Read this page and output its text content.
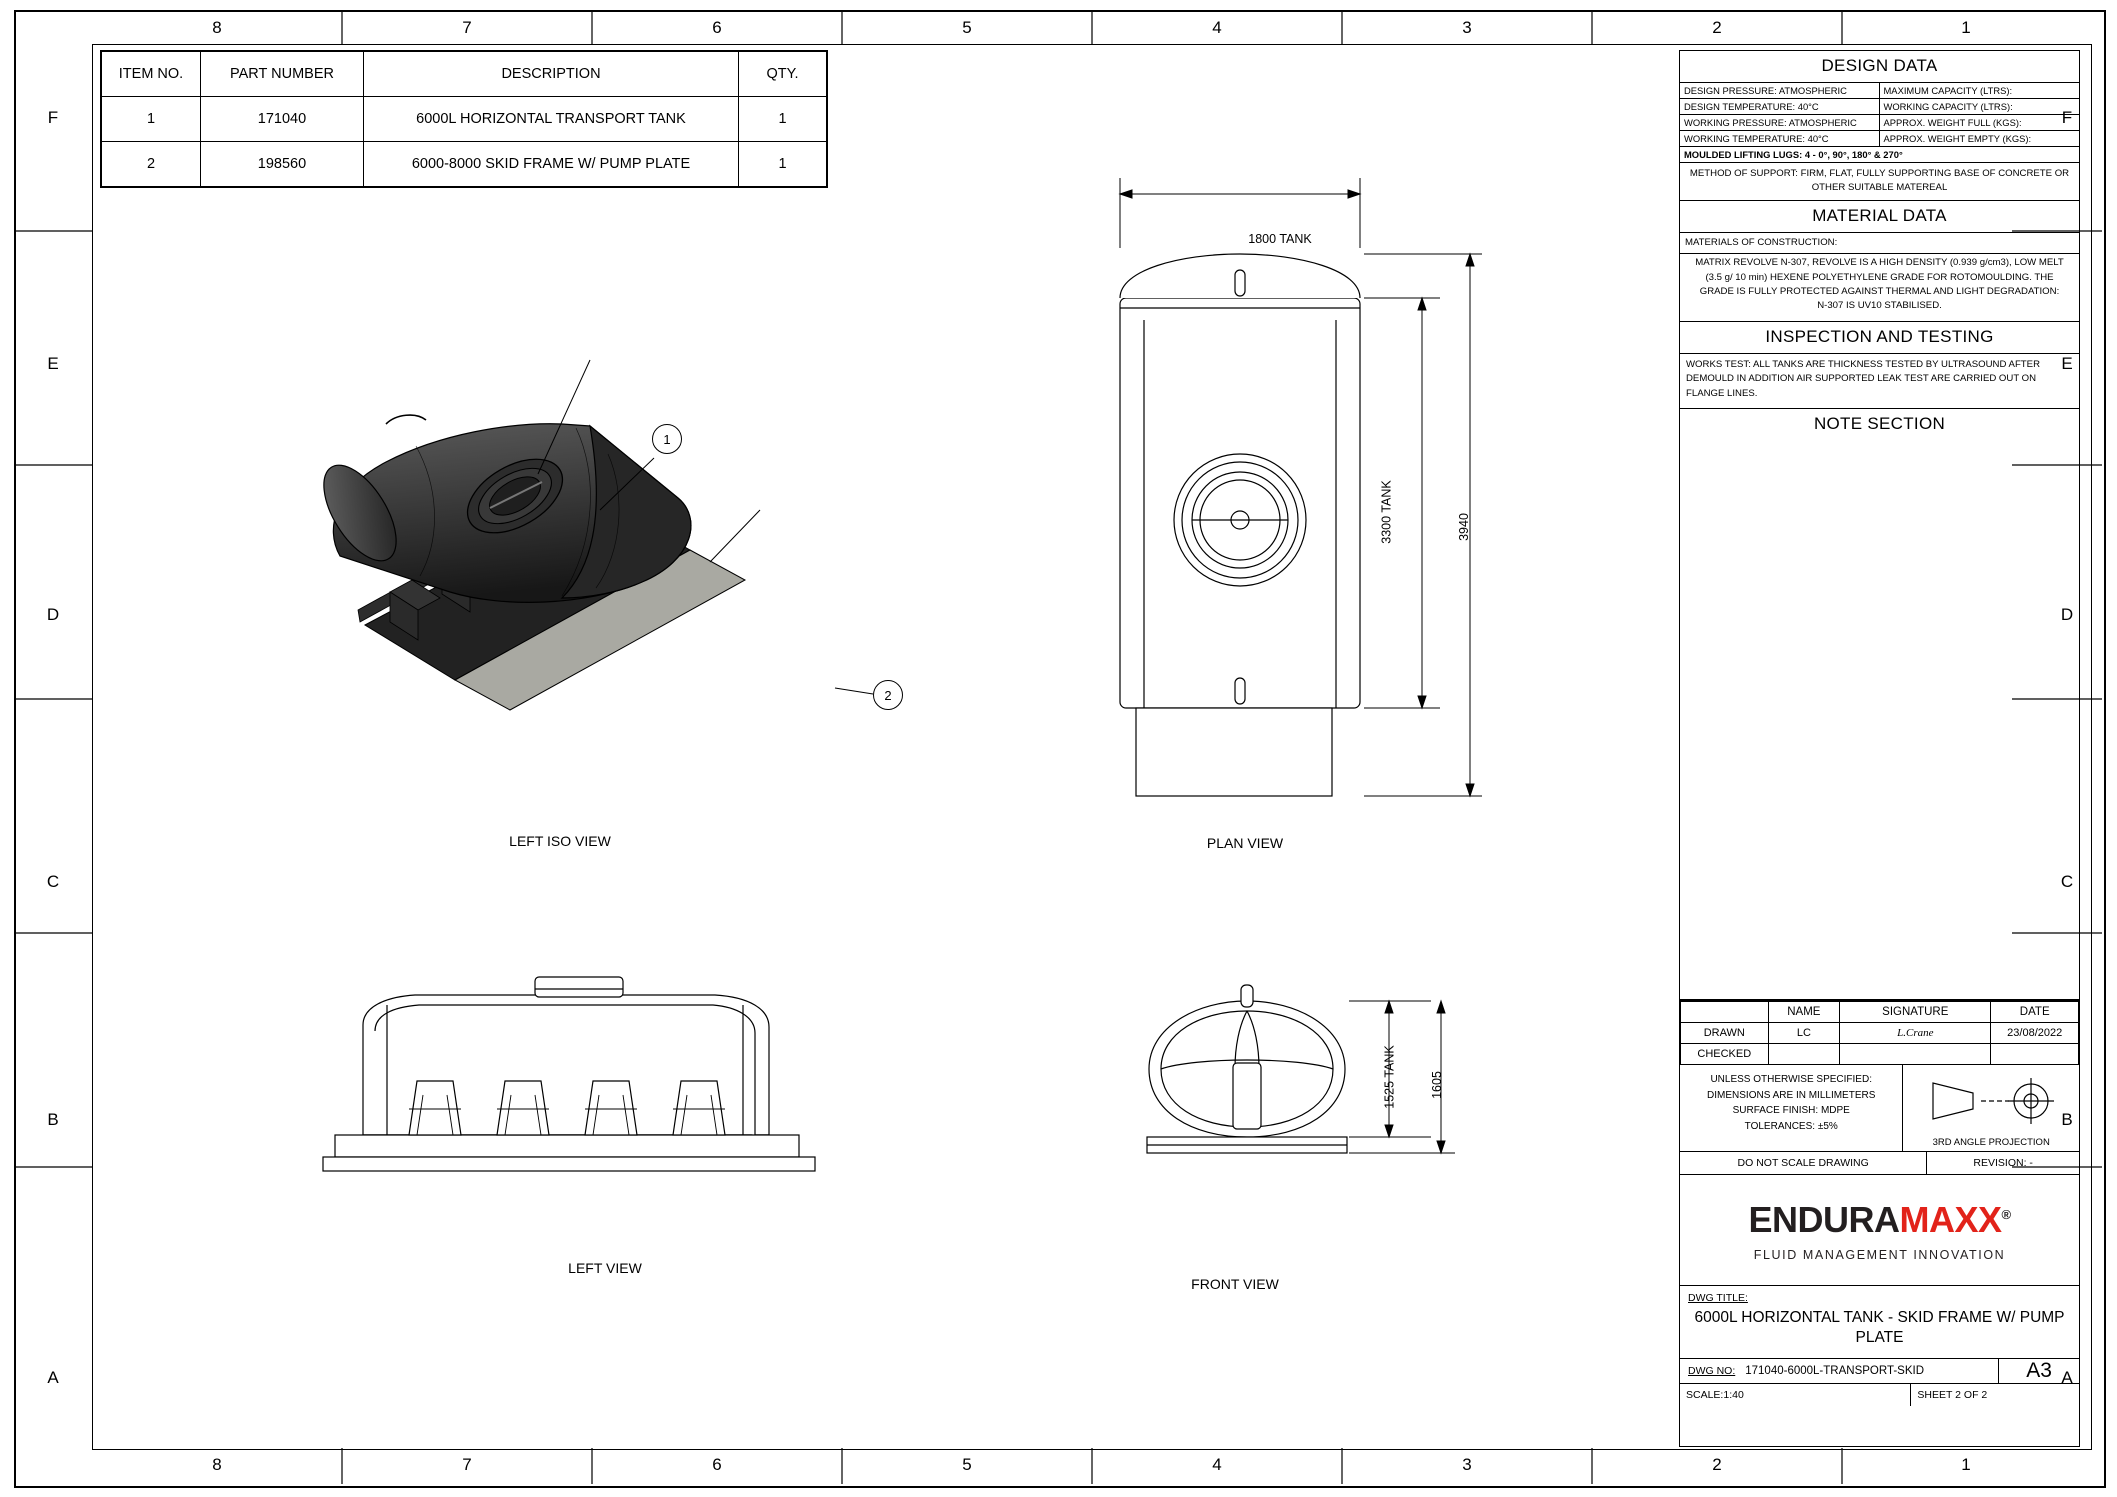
8	7	6	5	4	3	2	1
8	7	6	5	4	3	2	1
F
E
D
C
B
A
F
E
D
C
B
A
ITEM NO.	PART NUMBER	DESCRIPTION	QTY.
1	171040	6000L HORIZONTAL TRANSPORT TANK	1
2	198560	6000-8000 SKID FRAME W/ PUMP PLATE	1
DESIGN DATA
DESIGN PRESSURE: ATMOSPHERIC	MAXIMUM CAPACITY (LTRS):
DESIGN TEMPERATURE: 40°C	WORKING CAPACITY (LTRS):
WORKING PRESSURE: ATMOSPHERIC	APPROX. WEIGHT FULL (KGS):
WORKING TEMPERATURE: 40°C	APPROX. WEIGHT EMPTY (KGS):
MOULDED LIFTING LUGS: 4 - 0°, 90°, 180° & 270°
METHOD OF SUPPORT: FIRM, FLAT, FULLY SUPPORTING BASE OF CONCRETE OR OTHER SUITABLE MATEREAL
MATERIAL DATA
MATERIALS OF CONSTRUCTION:
MATRIX REVOLVE N-307, REVOLVE IS A HIGH DENSITY (0.939 g/cm3), LOW MELT (3.5 g/ 10 min) HEXENE POLYETHYLENE GRADE FOR ROTOMOULDING. THE GRADE IS FULLY PROTECTED AGAINST THERMAL AND LIGHT DEGRADATION: N-307 IS UV10 STABILISED.
INSPECTION AND TESTING
WORKS TEST: ALL TANKS ARE THICKNESS TESTED BY ULTRASOUND AFTER DEMOULD IN ADDITION AIR SUPPORTED LEAK TEST ARE CARRIED OUT ON FLANGE LINES.
NOTE SECTION
	NAME	SIGNATURE	DATE
DRAWN	LC	L.Crane	23/08/2022
CHECKED			
UNLESS OTHERWISE SPECIFIED:
DIMENSIONS ARE IN MILLIMETERS
SURFACE FINISH: MDPE
TOLERANCES: ±5%
3RD ANGLE PROJECTION
DO NOT SCALE DRAWING	REVISION: -
ENDURAMAXX®
FLUID MANAGEMENT INNOVATION
DWG TITLE:
6000L HORIZONTAL TANK - SKID FRAME W/ PUMP PLATE
DWG NO: 171040-6000L-TRANSPORT-SKID	A3
SCALE:1:40	SHEET 2 OF 2
1
2
LEFT ISO VIEW
1800 TANK
3300 TANK	3940
PLAN VIEW
LEFT VIEW
1525 TANK	1605
FRONT VIEW
